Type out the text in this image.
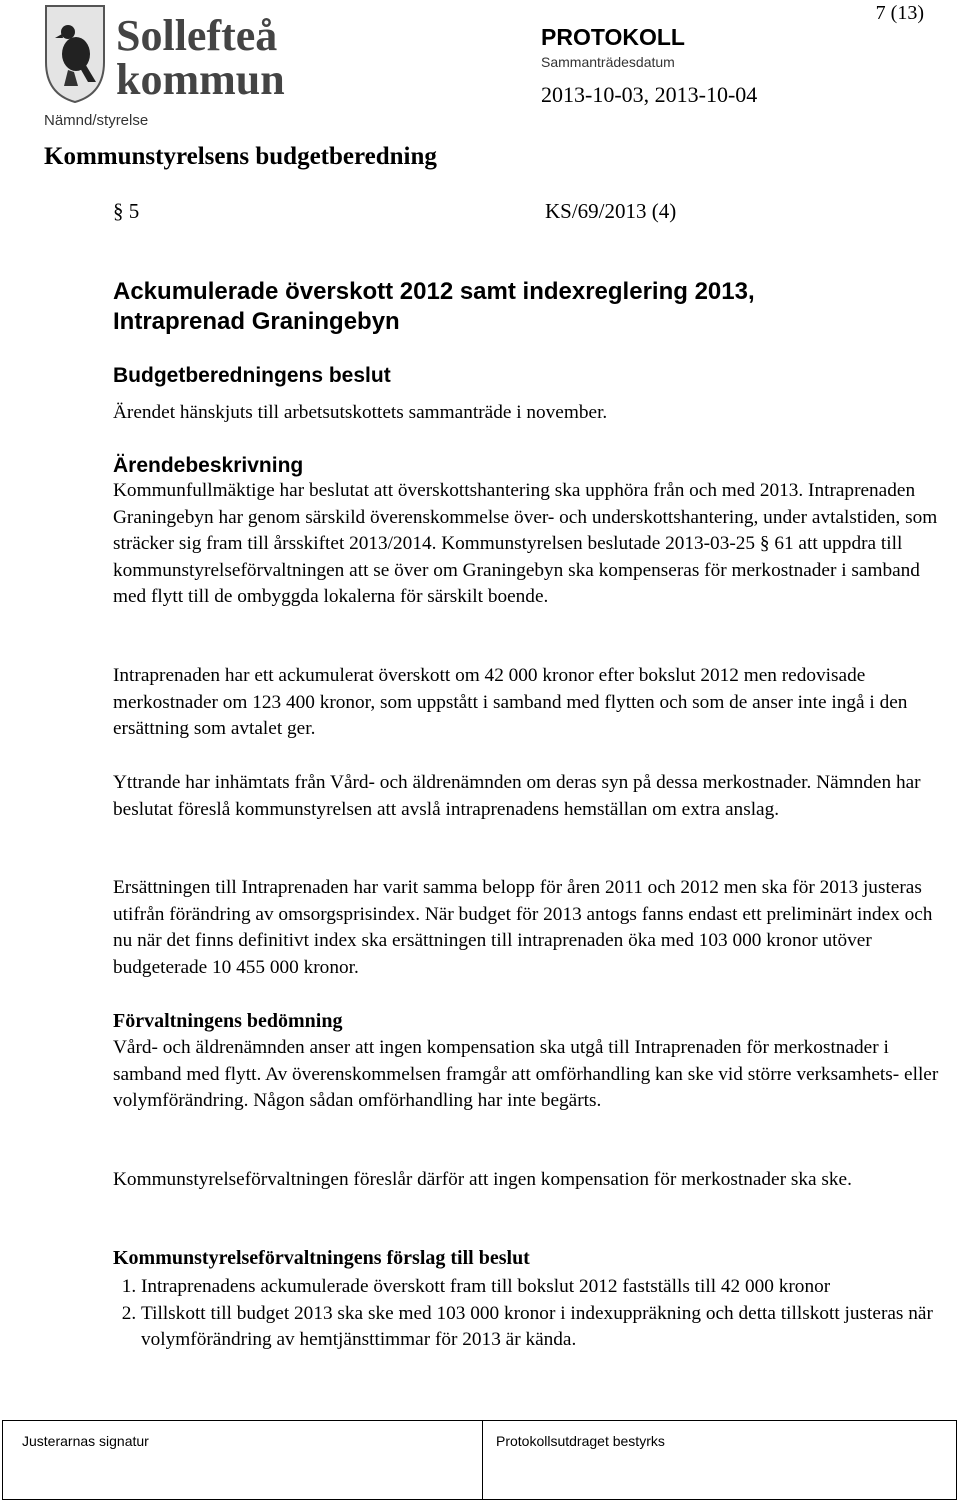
Sollefteå
kommun
7 (13)
PROTOKOLL
Sammanträdesdatum
2013-10-03, 2013-10-04
Nämnd/styrelse
Kommunstyrelsens budgetberedning
§ 5	KS/69/2013 (4)
Ackumulerade överskott 2012 samt indexreglering 2013,
Intraprenad Graningebyn
Budgetberedningens beslut

Ärendet hänskjuts till arbetsutskottets sammanträde i november.

Ärendebeskrivning

Kommunfullmäktige har beslutat att överskottshantering ska upphöra från och med 2013. Intraprenaden Graningebyn har genom särskild överenskommelse över- och underskottshantering, under avtalstiden, som sträcker sig fram till årsskiftet 2013/2014. Kommunstyrelsen beslutade 2013-03-25 § 61 att uppdra till kommunstyrelseförvaltningen att se över om Graningebyn ska kompenseras för merkostnader i samband med flytt till de ombyggda lokalerna för särskilt boende.

Intraprenaden har ett ackumulerat överskott om 42 000 kronor efter bokslut 2012 men redovisade merkostnader om 123 400 kronor, som uppstått i samband med flytten och som de anser inte ingå i den ersättning som avtalet ger.

Yttrande har inhämtats från Vård- och äldrenämnden om deras syn på dessa merkostnader. Nämnden har beslutat föreslå kommunstyrelsen att avslå intraprenadens hemställan om extra anslag.

Ersättningen till Intraprenaden har varit samma belopp för åren 2011 och 2012 men ska för 2013 justeras utifrån förändring av omsorgsprisindex. När budget för 2013 antogs fanns endast ett preliminärt index och nu när det finns definitivt index ska ersättningen till intraprenaden öka med 103 000 kronor utöver budgeterade 10 455 000 kronor.

Förvaltningens bedömning

Vård- och äldrenämnden anser att ingen kompensation ska utgå till Intraprenaden för merkostnader i samband med flytt. Av överenskommelsen framgår att omförhandling kan ske vid större verksamhets- eller volymförändring. Någon sådan omförhandling har inte begärts.

Kommunstyrelseförvaltningen föreslår därför att ingen kompensation för merkostnader ska ske.

Kommunstyrelseförvaltningens förslag till beslut
1. Intraprenadens ackumulerade överskott fram till bokslut 2012 fastställs till 42 000 kronor
2. Tillskott till budget 2013 ska ske med 103 000 kronor i indexuppräkning och detta tillskott justeras när volymförändring av hemtjänsttimmar för 2013 är kända.
Justerarnas signatur	Protokollsutdraget bestyrks
